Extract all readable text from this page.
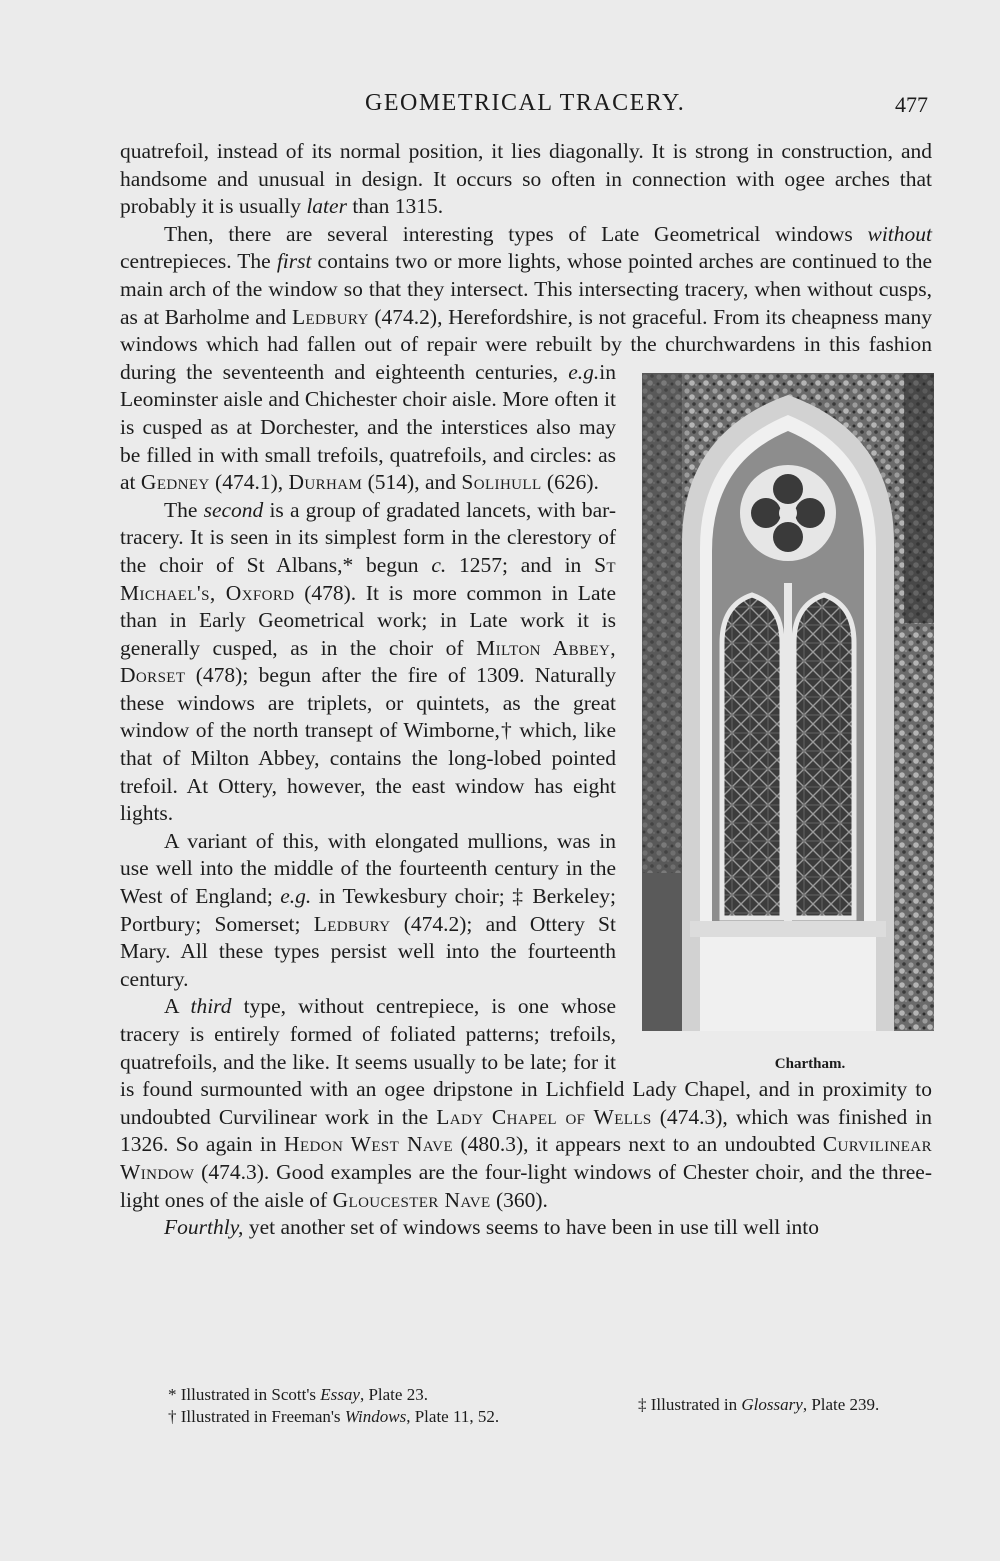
GEOMETRICAL TRACERY.	477

quatrefoil, instead of its normal position, it lies diagonally. It is strong in construction, and handsome and unusual in design. It occurs so often in connection with ogee arches that probably it is usually later than 1315.

Then, there are several interesting types of Late Geometrical windows without centrepieces. The first contains two or more lights, whose pointed arches are continued to the main arch of the window so that they intersect. This intersecting tracery, when without cusps, as at Barholme and Ledbury (474.2), Herefordshire, is not graceful. From its cheapness many windows which had fallen out of repair were rebuilt by the churchwardens in this fashion during the seventeenth and eighteenth centuries,
Chartham.
e.g.in Leominster aisle and Chichester choir aisle. More often it is cusped as at Dorchester, and the interstices also may be filled in with small trefoils, quatrefoils, and circles: as at Gedney (474.1), Durham (514), and Solihull (626).

The second is a group of gradated lancets, with bar-tracery. It is seen in its simplest form in the clerestory of the choir of St Albans,* begun c. 1257; and in St Michael's, Oxford (478). It is more common in Late than in Early Geometrical work; in Late work it is generally cusped, as in the choir of Milton Abbey, Dorset (478); begun after the fire of 1309. Naturally these windows are triplets, or quintets, as the great window of the north transept of Wimborne,† which, like that of Milton Abbey, contains the long-lobed pointed trefoil. At Ottery, however, the east window has eight lights.

A variant of this, with elongated mullions, was in use well into the middle of the fourteenth century in the West of England; e.g. in Tewkesbury choir; ‡ Berkeley; Portbury; Somerset; Ledbury (474.2); and Ottery St Mary. All these types persist well into the fourteenth century.

A third type, without centrepiece, is one whose tracery is entirely formed of foliated patterns; trefoils, quatrefoils, and the like. It seems usually to be late; for it is found surmounted with an ogee dripstone in Lichfield Lady Chapel, and in proximity to undoubted Curvilinear work in the Lady Chapel of Wells (474.3), which was finished in 1326. So again in Hedon West Nave (480.3), it appears next to an undoubted Curvilinear Window (474.3). Good examples are the four-light windows of Chester choir, and the three-light ones of the aisle of Gloucester Nave (360).

Fourthly, yet another set of windows seems to have been in use till well into

* Illustrated in Scott's Essay, Plate 23.

† Illustrated in Freeman's Windows, Plate 11, 52.

‡ Illustrated in Glossary, Plate 239.
